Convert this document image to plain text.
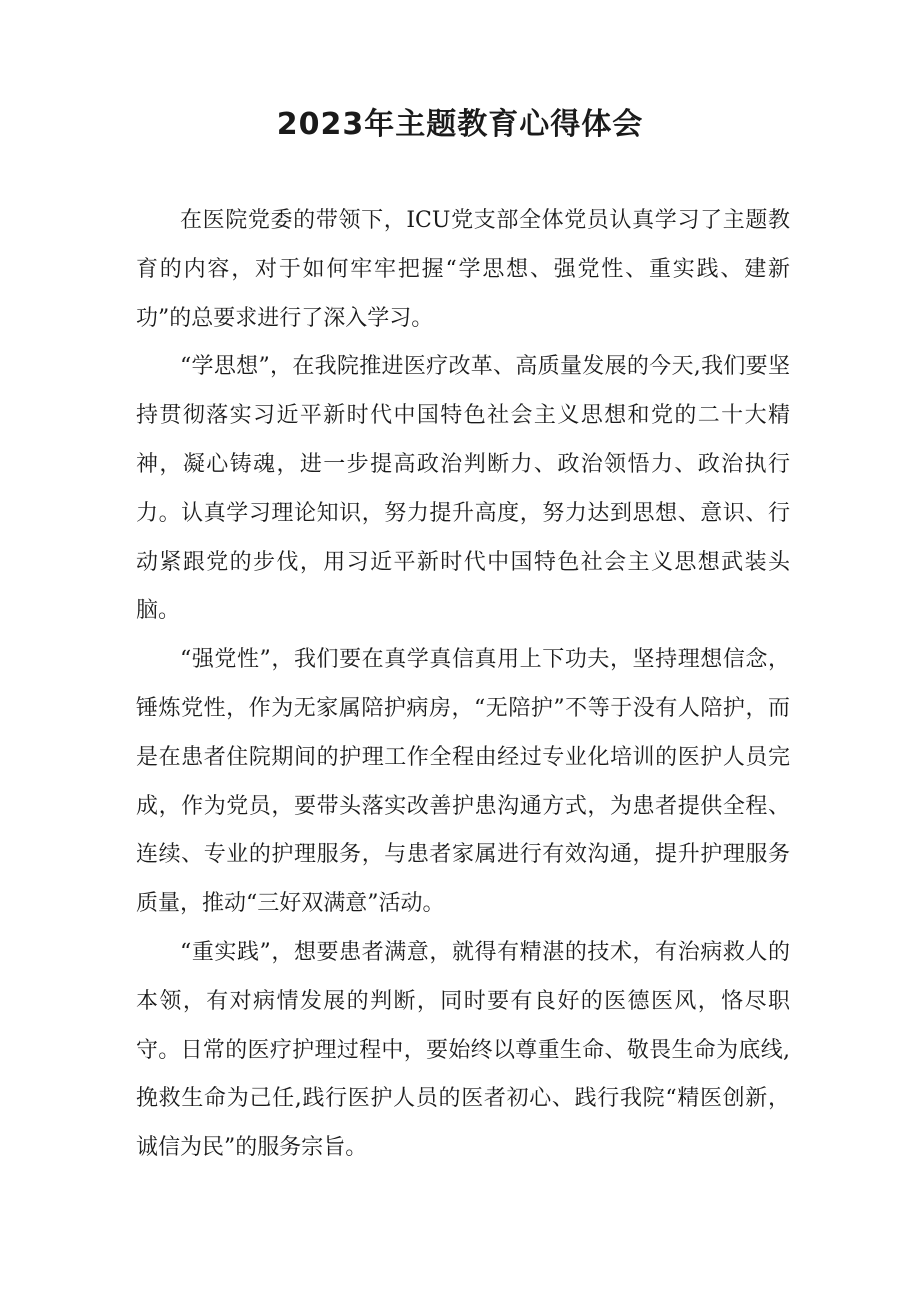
2023年主题教育心得体会

在医院党委的带领下，ICU党支部全体党员认真学习了主题教育的内容，对于如何牢牢把握“学思想、强党性、重实践、建新功”的总要求进行了深入学习。

“学思想”，在我院推进医疗改革、高质量发展的今天,我们要坚持贯彻落实习近平新时代中国特色社会主义思想和党的二十大精神，凝心铸魂，进一步提高政治判断力、政治领悟力、政治执行力。认真学习理论知识，努力提升高度，努力达到思想、意识、行动紧跟党的步伐，用习近平新时代中国特色社会主义思想武装头脑。

“强党性”，我们要在真学真信真用上下功夫，坚持理想信念，锤炼党性，作为无家属陪护病房，“无陪护”不等于没有人陪护，而是在患者住院期间的护理工作全程由经过专业化培训的医护人员完成，作为党员，要带头落实改善护患沟通方式，为患者提供全程、连续、专业的护理服务，与患者家属进行有效沟通，提升护理服务质量，推动“三好双满意”活动。

“重实践”，想要患者满意，就得有精湛的技术，有治病救人的本领，有对病情发展的判断，同时要有良好的医德医风，恪尽职守。日常的医疗护理过程中，要始终以尊重生命、敬畏生命为底线,挽救生命为己任,践行医护人员的医者初心、践行我院“精医创新，诚信为民”的服务宗旨。
